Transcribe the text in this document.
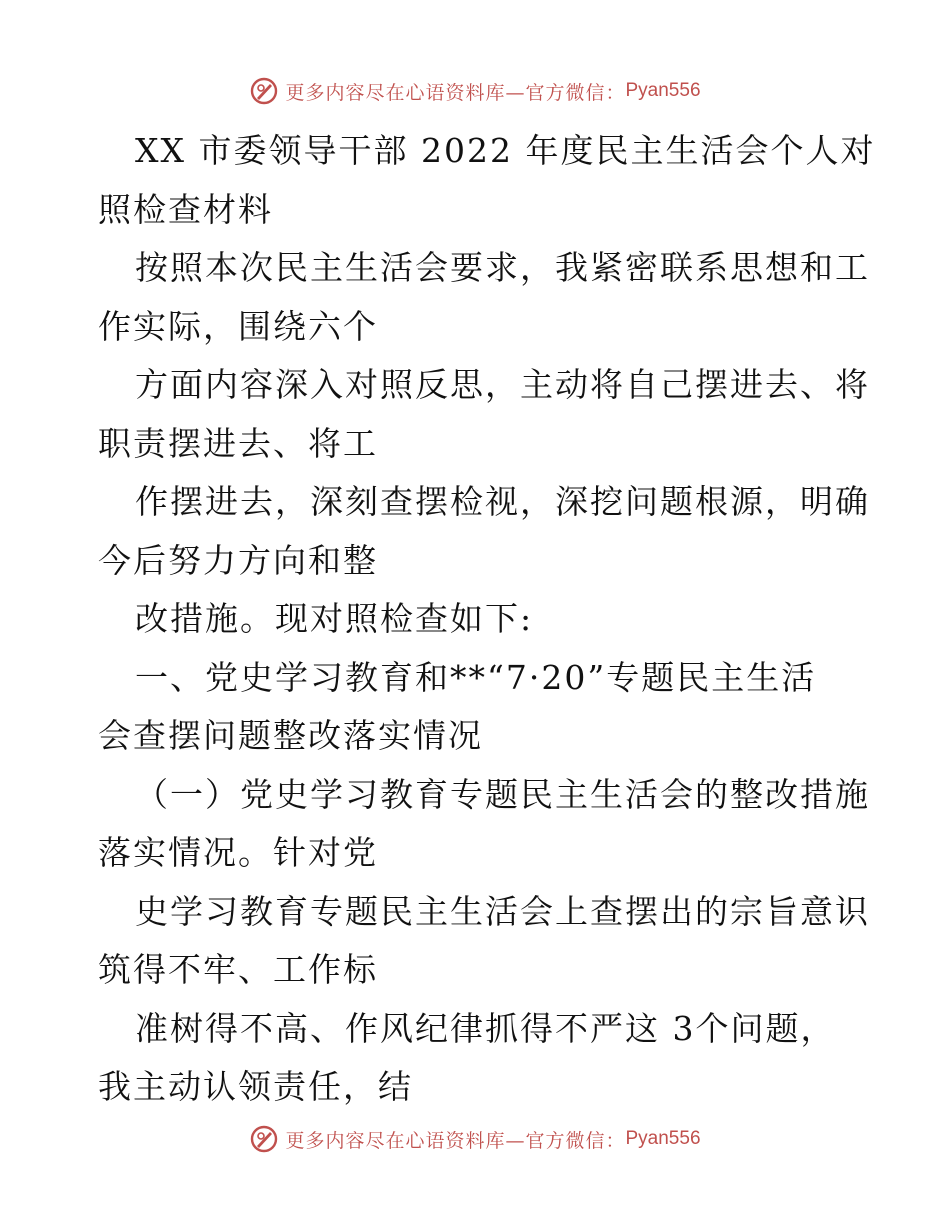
更多内容尽在心语资料库—官方微信： Pyan556
XX 市委领导干部 2022 年度民主生活会个人对
照检查材料
按照本次民主生活会要求，我紧密联系思想和工
作实际，围绕六个
方面内容深入对照反思，主动将自己摆进去、将
职责摆进去、将工
作摆进去，深刻查摆检视，深挖问题根源，明确
今后努力方向和整
改措施。现对照检查如下:
一、党史学习教育和**“7·20”专题民主生活
会查摆问题整改落实情况
（一）党史学习教育专题民主生活会的整改措施
落实情况。针对党
史学习教育专题民主生活会上查摆出的宗旨意识
筑得不牢、工作标
准树得不高、作风纪律抓得不严这 3个问题，
我主动认领责任，结
更多内容尽在心语资料库—官方微信： Pyan556
